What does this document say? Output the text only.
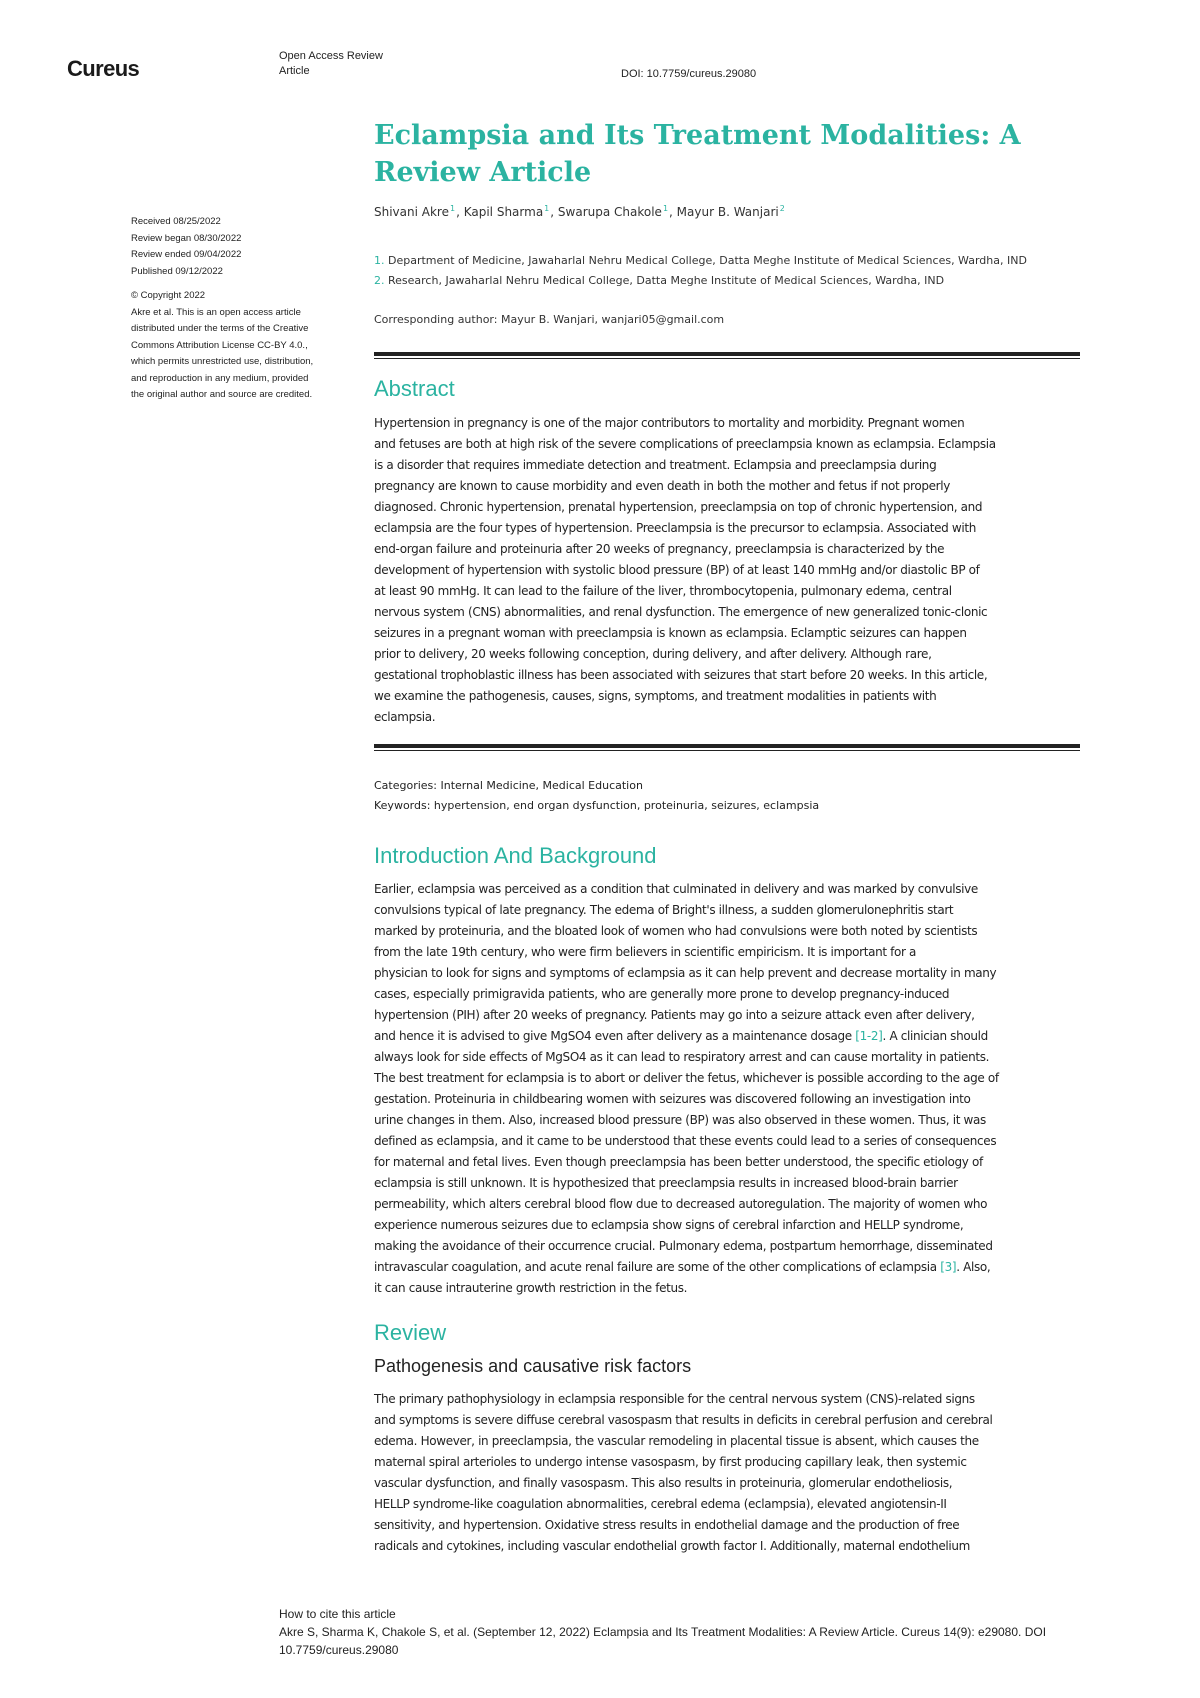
Cureus	Open Access Review
Article	DOI: 10.7759/cureus.29080
Received 08/25/2022
Review began 08/30/2022
Review ended 09/04/2022
Published 09/12/2022
© Copyright 2022
Akre et al. This is an open access article
distributed under the terms of the Creative
Commons Attribution License CC-BY 4.0.,
which permits unrestricted use, distribution,
and reproduction in any medium, provided
the original author and source are credited.
Eclampsia and Its Treatment Modalities: A
Review Article
Shivani Akre$^1$, Kapil Sharma$^1$, Swarupa Chakole$^1$, Mayur B. Wanjari$^2$
1. Department of Medicine, Jawaharlal Nehru Medical College, Datta Meghe Institute of Medical Sciences, Wardha, IND
2. Research, Jawaharlal Nehru Medical College, Datta Meghe Institute of Medical Sciences, Wardha, IND
Corresponding author: Mayur B. Wanjari, wanjari05@gmail.com
Abstract
Hypertension in pregnancy is one of the major contributors to mortality and morbidity. Pregnant women
and fetuses are both at high risk of the severe complications of preeclampsia known as eclampsia. Eclampsia
is a disorder that requires immediate detection and treatment. Eclampsia and preeclampsia during
pregnancy are known to cause morbidity and even death in both the mother and fetus if not properly
diagnosed. Chronic hypertension, prenatal hypertension, preeclampsia on top of chronic hypertension, and
eclampsia are the four types of hypertension. Preeclampsia is the precursor to eclampsia. Associated with
end-organ failure and proteinuria after 20 weeks of pregnancy, preeclampsia is characterized by the
development of hypertension with systolic blood pressure (BP) of at least 140 mmHg and/or diastolic BP of
at least 90 mmHg. It can lead to the failure of the liver, thrombocytopenia, pulmonary edema, central
nervous system (CNS) abnormalities, and renal dysfunction. The emergence of new generalized tonic-clonic
seizures in a pregnant woman with preeclampsia is known as eclampsia. Eclamptic seizures can happen
prior to delivery, 20 weeks following conception, during delivery, and after delivery. Although rare,
gestational trophoblastic illness has been associated with seizures that start before 20 weeks. In this article,
we examine the pathogenesis, causes, signs, symptoms, and treatment modalities in patients with
eclampsia.
Categories: Internal Medicine, Medical Education
Keywords: hypertension, end organ dysfunction, proteinuria, seizures, eclampsia
Introduction And Background
Earlier, eclampsia was perceived as a condition that culminated in delivery and was marked by convulsive
convulsions typical of late pregnancy. The edema of Bright's illness, a sudden glomerulonephritis start
marked by proteinuria, and the bloated look of women who had convulsions were both noted by scientists
from the late 19th century, who were firm believers in scientific empiricism. It is important for a
physician to look for signs and symptoms of eclampsia as it can help prevent and decrease mortality in many
cases, especially primigravida patients, who are generally more prone to develop pregnancy-induced
hypertension (PIH) after 20 weeks of pregnancy. Patients may go into a seizure attack even after delivery,
and hence it is advised to give MgSO4 even after delivery as a maintenance dosage [1-2]. A clinician should
always look for side effects of MgSO4 as it can lead to respiratory arrest and can cause mortality in patients.
The best treatment for eclampsia is to abort or deliver the fetus, whichever is possible according to the age of
gestation. Proteinuria in childbearing women with seizures was discovered following an investigation into
urine changes in them. Also, increased blood pressure (BP) was also observed in these women. Thus, it was
defined as eclampsia, and it came to be understood that these events could lead to a series of consequences
for maternal and fetal lives. Even though preeclampsia has been better understood, the specific etiology of
eclampsia is still unknown. It is hypothesized that preeclampsia results in increased blood-brain barrier
permeability, which alters cerebral blood flow due to decreased autoregulation. The majority of women who
experience numerous seizures due to eclampsia show signs of cerebral infarction and HELLP syndrome,
making the avoidance of their occurrence crucial. Pulmonary edema, postpartum hemorrhage, disseminated
intravascular coagulation, and acute renal failure are some of the other complications of eclampsia [3]. Also,
it can cause intrauterine growth restriction in the fetus.
Review
Pathogenesis and causative risk factors
The primary pathophysiology in eclampsia responsible for the central nervous system (CNS)-related signs
and symptoms is severe diffuse cerebral vasospasm that results in deficits in cerebral perfusion and cerebral
edema. However, in preeclampsia, the vascular remodeling in placental tissue is absent, which causes the
maternal spiral arterioles to undergo intense vasospasm, by first producing capillary leak, then systemic
vascular dysfunction, and finally vasospasm. This also results in proteinuria, glomerular endotheliosis,
HELLP syndrome-like coagulation abnormalities, cerebral edema (eclampsia), elevated angiotensin-II
sensitivity, and hypertension. Oxidative stress results in endothelial damage and the production of free
radicals and cytokines, including vascular endothelial growth factor I. Additionally, maternal endothelium
How to cite this article
Akre S, Sharma K, Chakole S, et al. (September 12, 2022) Eclampsia and Its Treatment Modalities: A Review Article. Cureus 14(9): e29080. DOI
10.7759/cureus.29080
